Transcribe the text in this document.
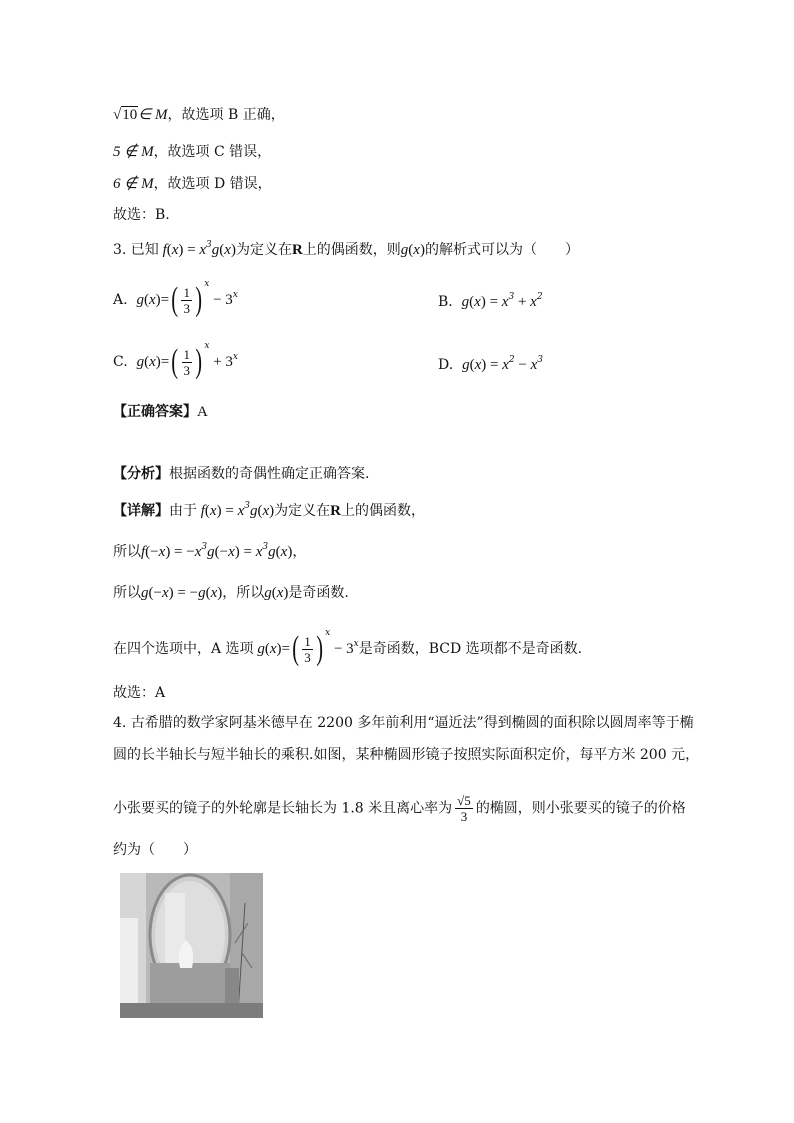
√10∈ M，故选项 B 正确，
5 ∉ M，故选项 C 错误，
6 ∉ M，故选项 D 错误，
故选：B.
3. 已知 $f(x) = x^3g(x)$为定义在R上的偶函数，则g(x)的解析式可以为（　　）
A. $g(x)=( \frac{1}{3}$ ) $^x - 3^x$	B. $g(x) = x^3 + x^2$
C. $g(x)=( \frac{1}{3}$ ) $^x + 3^x$	D. $g(x) = x^2 - x^3$
【正确答案】A
【分析】根据函数的奇偶性确定正确答案.
【详解】由于 $f(x) = x^3g(x)$为定义在R上的偶函数，
所以$f(-x) = -x^3g(-x) = x^3g(x)$，
所以g(−x) = −g(x)，所以g(x)是奇函数.
在四个选项中，A 选项 $g(x)=( \frac{1}{3}$ ) $^x - 3^x$是奇函数，BCD 选项都不是奇函数.
故选：A
4. 古希腊的数学家阿基米德早在 2200 多年前利用“逼近法”得到椭圆的面积除以圆周率等于椭
圆的长半轴长与短半轴长的乘积.如图，某种椭圆形镜子按照实际面积定价，每平方米 200 元，
小张要买的镜子的外轮廓是长轴长为 1.8 米且离心率为 $\frac{√5}{3}$ 的椭圆，则小张要买的镜子的价格
约为（　　）
